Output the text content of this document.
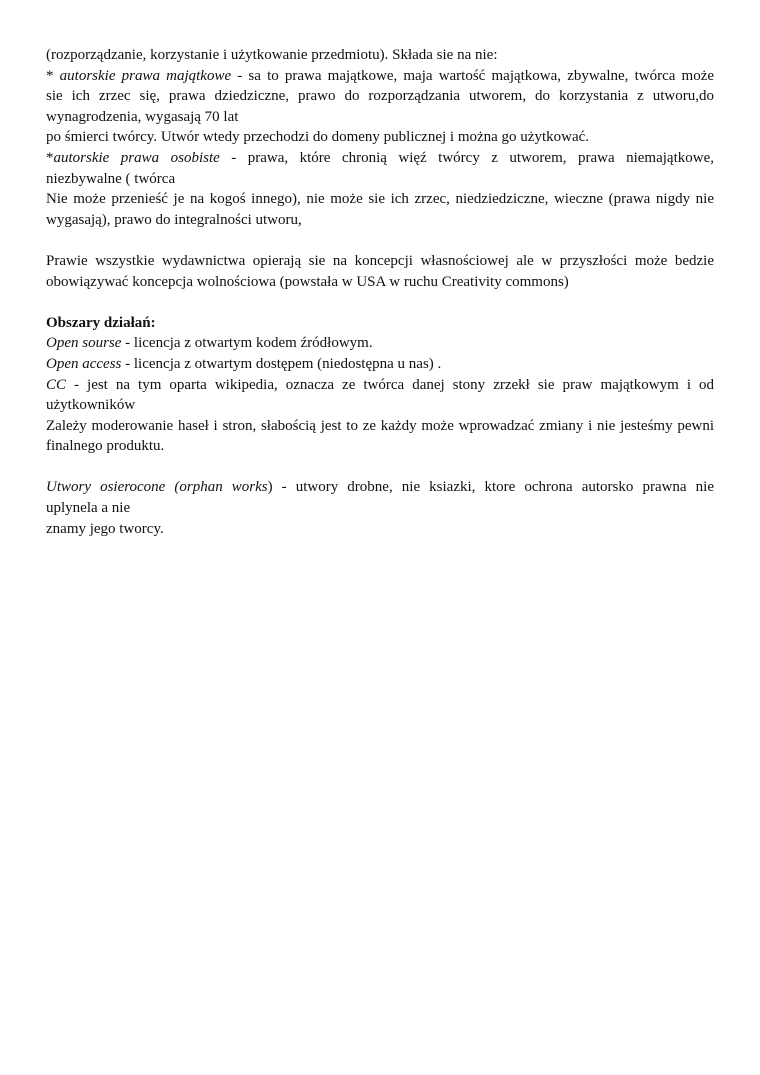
(rozporządzanie, korzystanie i użytkowanie przedmiotu). Składa sie na nie:
* autorskie prawa majątkowe - sa to prawa majątkowe, maja wartość majątkowa, zbywalne, twórca może
sie ich zrzec się, prawa dziedziczne, prawo do rozporządzania utworem, do korzystania z utworu,do
wynagrodzenia, wygasają 70 lat
po śmierci twórcy. Utwór wtedy przechodzi do domeny publicznej i można go użytkować.
*autorskie prawa osobiste - prawa, które chronią więź twórcy z utworem, prawa niemajątkowe,
niezbywalne ( twórca
Nie może przenieść je na kogoś innego), nie może sie ich zrzec, niedziedziczne, wieczne (prawa nigdy nie
wygasają), prawo do integralności utworu,
Prawie wszystkie wydawnictwa opierają sie na koncepcji własnościowej ale w przyszłości może bedzie
obowiązywać koncepcja wolnościowa (powstała w USA w ruchu Creativity commons)
Obszary działań:
Open sourse - licencja z otwartym kodem źródłowym.
Open access - licencja z otwartym dostępem (niedostępna u nas) .
CC - jest na tym oparta wikipedia, oznacza ze twórca danej stony zrzekł sie praw majątkowym i od
użytkowników
Zależy moderowanie haseł i stron, słabością jest to ze każdy może wprowadzać zmiany i nie jesteśmy pewni
finalnego produktu.
Utwory osierocone (orphan works) - utwory drobne, nie ksiazki, ktore ochrona autorsko prawna nie
uplynela a nie
znamy jego tworcy.
